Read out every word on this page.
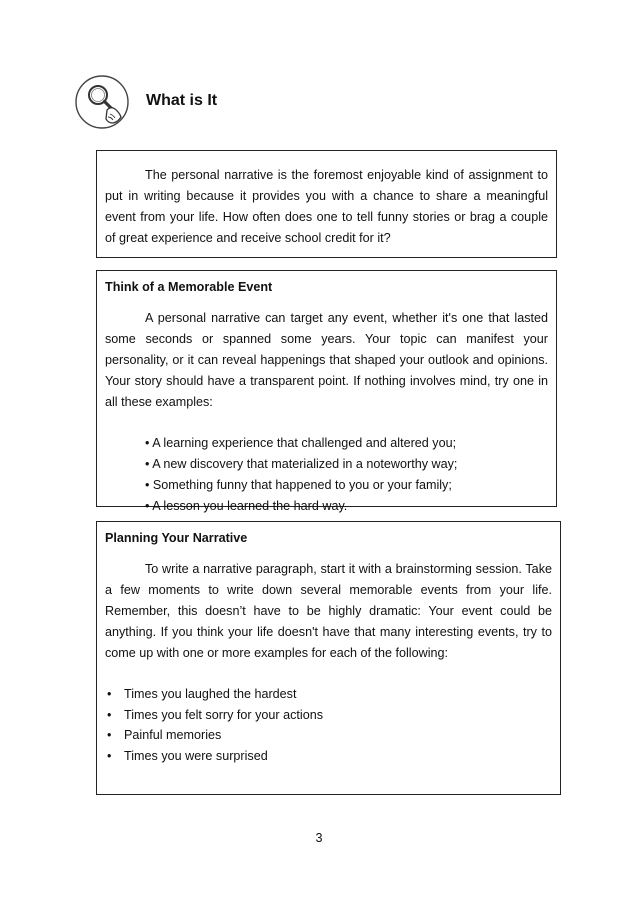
What is It

The personal narrative is the foremost enjoyable kind of assignment to put in writing because it provides you with a chance to share a meaningful event from your life. How often does one to tell funny stories or brag a couple of great experience and receive school credit for it?

Think of a Memorable Event

A personal narrative can target any event, whether it's one that lasted some seconds or spanned some years. Your topic can manifest your personality, or it can reveal happenings that shaped your outlook and opinions. Your story should have a transparent point. If nothing involves mind, try one in all these examples:

• A learning experience that challenged and altered you;
• A new discovery that materialized in a noteworthy way;
• Something funny that happened to you or your family;
• A lesson you learned the hard way.

Planning Your Narrative

To write a narrative paragraph, start it with a brainstorming session. Take a few moments to write down several memorable events from your life. Remember, this doesn’t have to be highly dramatic: Your event could be anything. If you think your life doesn't have that many interesting events, try to come up with one or more examples for each of the following:

• Times you laughed the hardest
• Times you felt sorry for your actions
• Painful memories
• Times you were surprised

3
